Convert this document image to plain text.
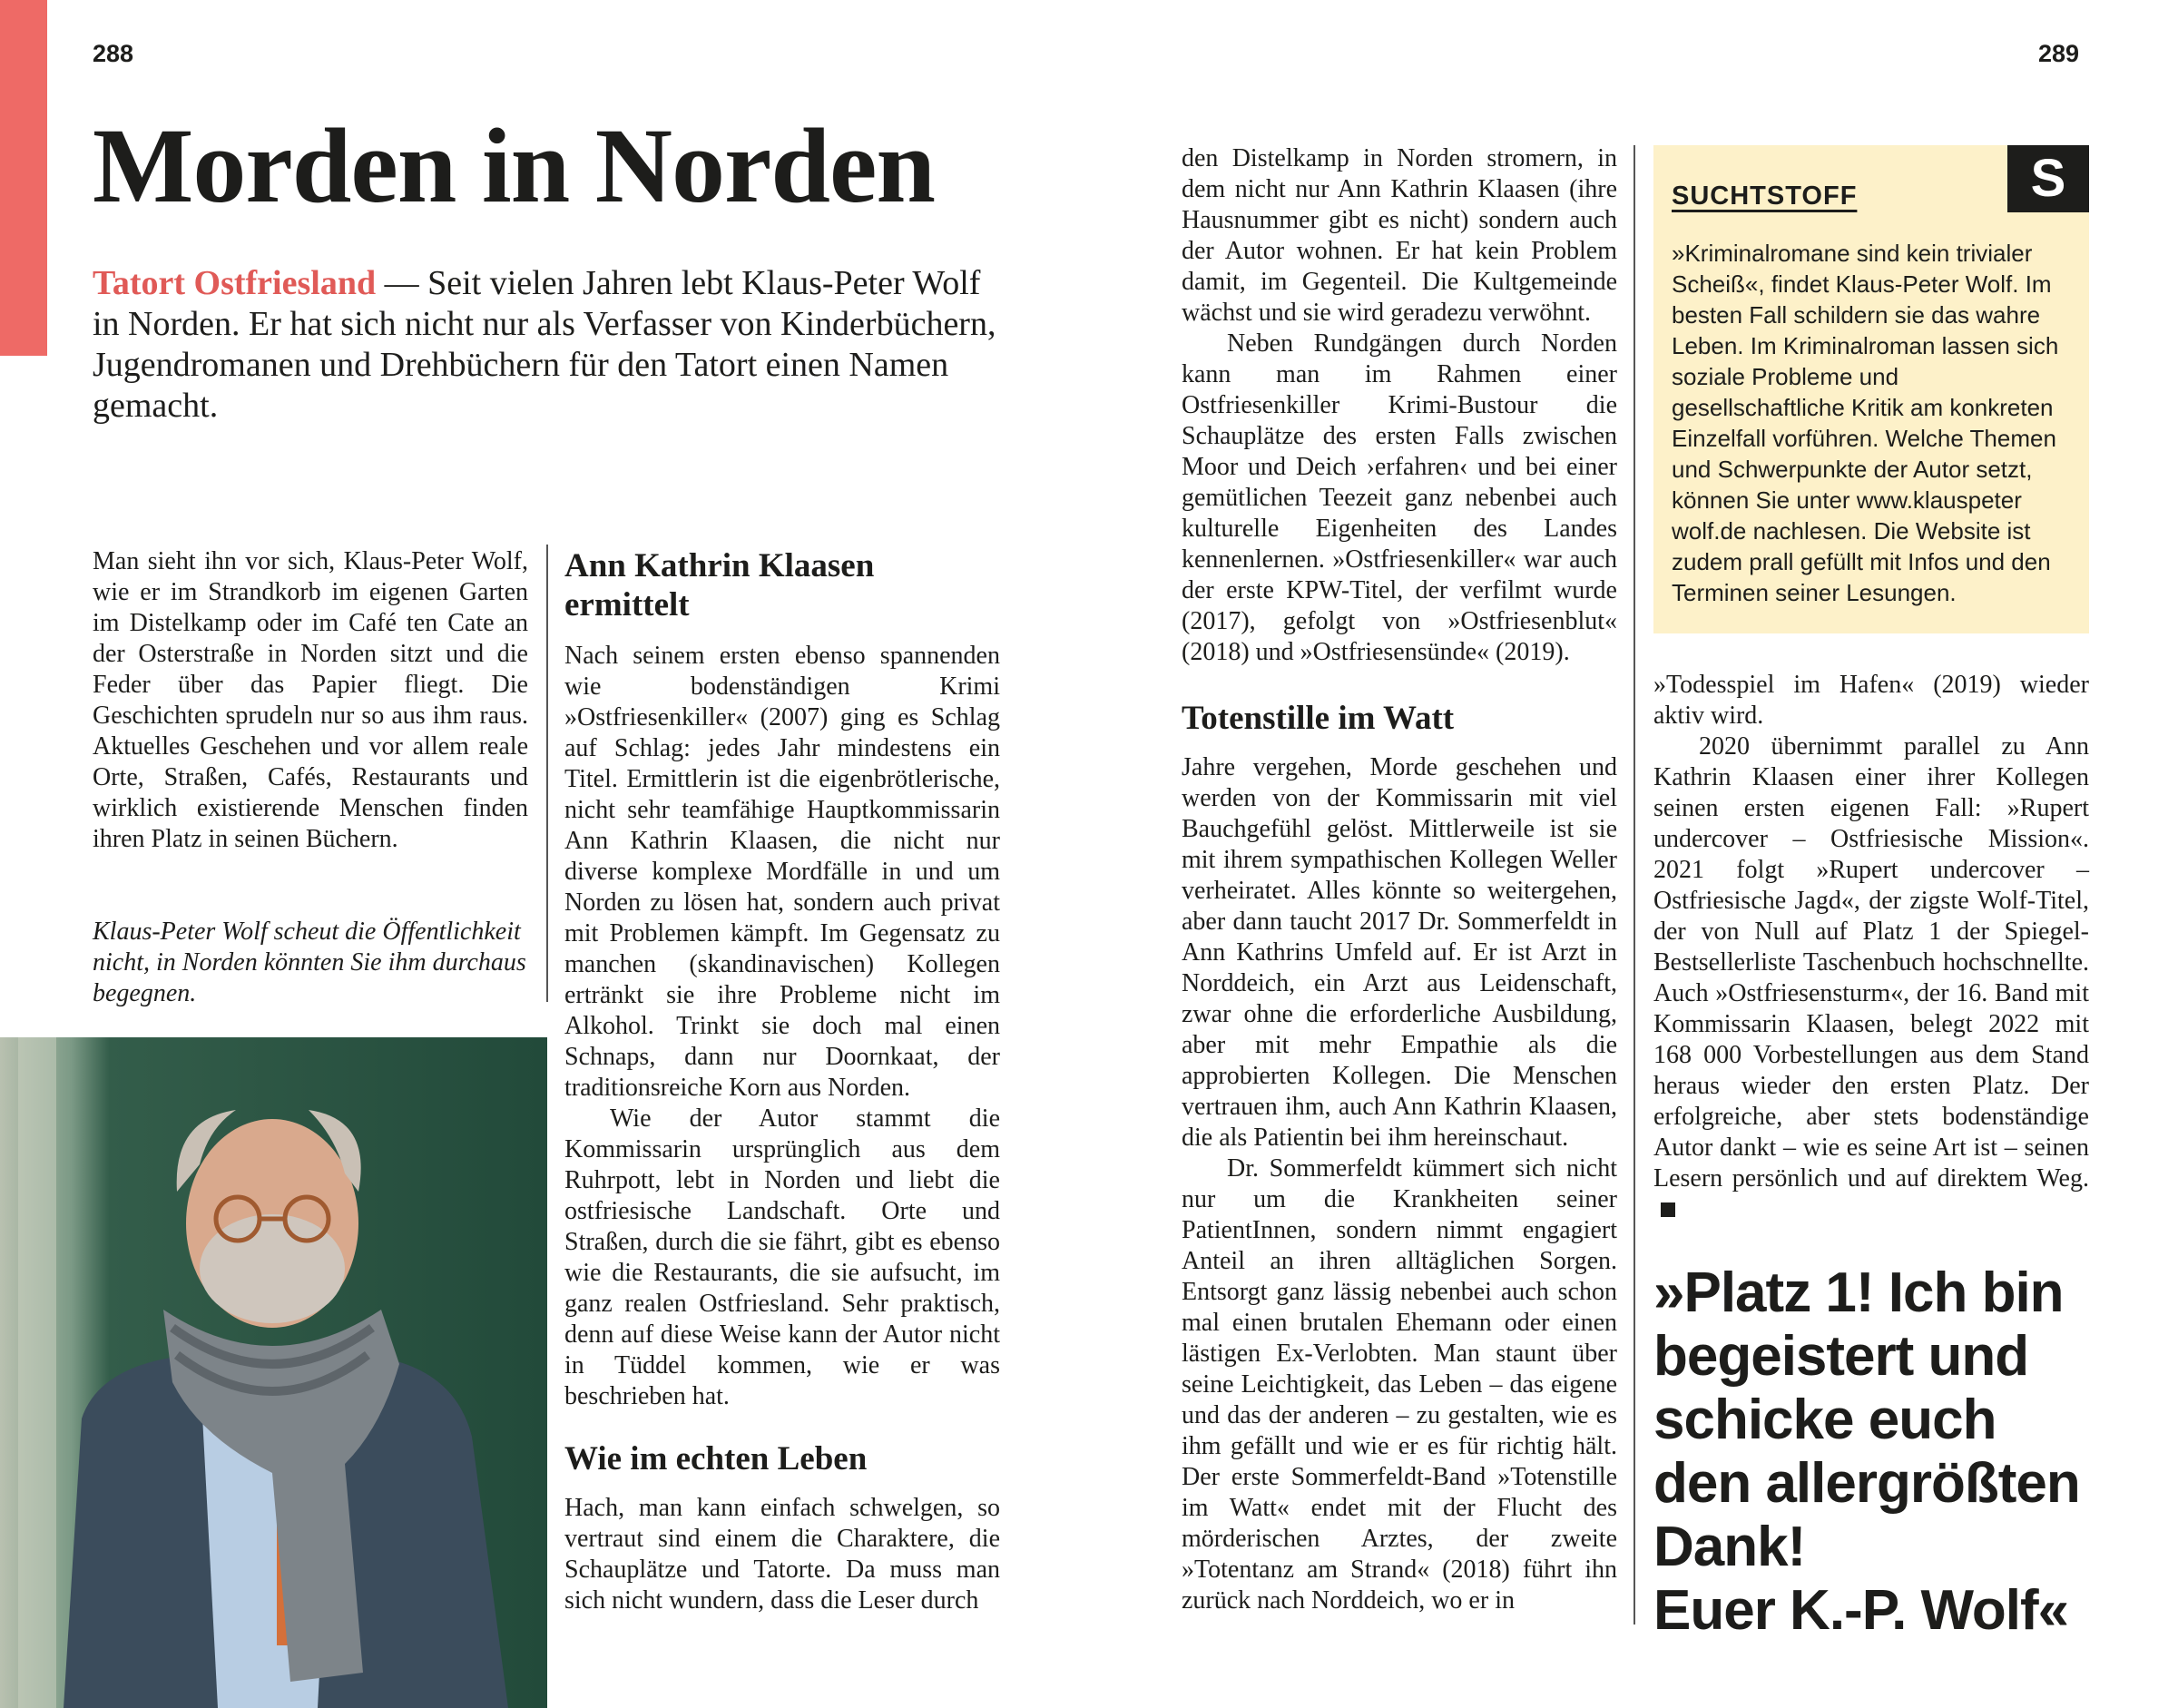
288	289
Morden in Norden

Tatort Ostfriesland — Seit vielen Jahren lebt Klaus-Peter Wolf in Norden. Er hat sich nicht nur als Verfasser von Kinderbüchern, Jugendromanen und Drehbüchern für den Tatort einen Namen gemacht.

Man sieht ihn vor sich, Klaus-Peter Wolf, wie er im Strandkorb im eigenen Garten im Distelkamp oder im Café ten Cate an der Osterstraße in Norden sitzt und die Feder über das Papier fliegt. Die Geschichten sprudeln nur so aus ihm raus. Aktuelles Geschehen und vor allem reale Orte, Straßen, Cafés, Restaurants und wirklich existierende Menschen finden ihren Platz in seinen Büchern.

Klaus-Peter Wolf scheut die Öffentlichkeit nicht, in Norden könnten Sie ihm durchaus begegnen.

Ann Kathrin Klaasen ermittelt

Nach seinem ersten ebenso spannenden wie bodenständigen Krimi »Ostfriesenkiller« (2007) ging es Schlag auf Schlag: jedes Jahr mindestens ein Titel. Ermittlerin ist die eigenbrötlerische, nicht sehr teamfähige Hauptkommissarin Ann Kathrin Klaasen, die nicht nur diverse komplexe Mordfälle in und um Norden zu lösen hat, sondern auch privat mit Problemen kämpft. Im Gegensatz zu manchen (skandinavischen) Kollegen ertränkt sie ihre Probleme nicht im Alkohol. Trinkt sie doch mal einen Schnaps, dann nur Doornkaat, der traditionsreiche Korn aus Norden.

Wie der Autor stammt die Kommissarin ursprünglich aus dem Ruhrpott, lebt in Norden und liebt die ostfriesische Landschaft. Orte und Straßen, durch die sie fährt, gibt es ebenso wie die Restaurants, die sie aufsucht, im ganz realen Ostfriesland. Sehr praktisch, denn auf diese Weise kann der Autor nicht in Tüddel kommen, wie er was beschrieben hat.

Wie im echten Leben

Hach, man kann einfach schwelgen, so vertraut sind einem die Charaktere, die Schauplätze und Tatorte. Da muss man sich nicht wundern, dass die Leser durch

den Distelkamp in Norden stromern, in dem nicht nur Ann Kathrin Klaasen (ihre Hausnummer gibt es nicht) sondern auch der Autor wohnen. Er hat kein Problem damit, im Gegenteil. Die Kultgemeinde wächst und sie wird geradezu verwöhnt.

Neben Rundgängen durch Norden kann man im Rahmen einer Ostfriesenkiller Krimi-Bustour die Schauplätze des ersten Falls zwischen Moor und Deich ›erfahren‹ und bei einer gemütlichen Teezeit ganz nebenbei auch kulturelle Eigenheiten des Landes kennenlernen. »Ostfriesenkiller« war auch der erste KPW-Titel, der verfilmt wurde (2017), gefolgt von »Ostfriesenblut« (2018) und »Ostfriesensünde« (2019).

Totenstille im Watt

Jahre vergehen, Morde geschehen und werden von der Kommissarin mit viel Bauchgefühl gelöst. Mittlerweile ist sie mit ihrem sympathischen Kollegen Weller verheiratet. Alles könnte so weitergehen, aber dann taucht 2017 Dr. Sommerfeldt in Ann Kathrins Umfeld auf. Er ist Arzt in Norddeich, ein Arzt aus Leidenschaft, zwar ohne die erforderliche Ausbildung, aber mit mehr Empathie als die approbierten Kollegen. Die Menschen vertrauen ihm, auch Ann Kathrin Klaasen, die als Patientin bei ihm hereinschaut.

Dr. Sommerfeldt kümmert sich nicht nur um die Krankheiten seiner PatientInnen, sondern nimmt engagiert Anteil an ihren alltäglichen Sorgen. Entsorgt ganz lässig nebenbei auch schon mal einen brutalen Ehemann oder einen lästigen Ex-Verlobten. Man staunt über seine Leichtigkeit, das Leben – das eigene und das der anderen – zu gestalten, wie es ihm gefällt und wie er es für richtig hält. Der erste Sommerfeldt-Band »Totenstille im Watt« endet mit der Flucht des mörderischen Arztes, der zweite »Totentanz am Strand« (2018) führt ihn zurück nach Norddeich, wo er in

S
SUCHTSTOFF

»Kriminalromane sind kein trivialer Scheiß«, findet Klaus-Peter Wolf. Im besten Fall schildern sie das wahre Leben. Im Kriminalroman lassen sich soziale Probleme und gesellschaftliche Kritik am konkreten Einzelfall vorführen. Welche Themen und Schwerpunkte der Autor setzt, können Sie unter www.klauspeter wolf.de nachlesen. Die Website ist zudem prall gefüllt mit Infos und den Terminen seiner Lesungen.

»Todesspiel im Hafen« (2019) wieder aktiv wird.

2020 übernimmt parallel zu Ann Kathrin Klaasen einer ihrer Kollegen seinen ersten eigenen Fall: »Rupert undercover – Ostfriesische Mission«. 2021 folgt »Rupert undercover – Ostfriesische Jagd«, der zigste Wolf-Titel, der von Null auf Platz 1 der Spiegel-Bestsellerliste Taschenbuch hochschnellte. Auch »Ostfriesensturm«, der 16. Band mit Kommissarin Klaasen, belegt 2022 mit 168 000 Vorbestellungen aus dem Stand heraus wieder den ersten Platz. Der erfolgreiche, aber stets bodenständige Autor dankt – wie es seine Art ist – seinen Lesern persönlich und auf direktem Weg.

»Platz 1! Ich bin
begeistert und
schicke euch
den allergrößten
Dank!
Euer K.-P. Wolf«
